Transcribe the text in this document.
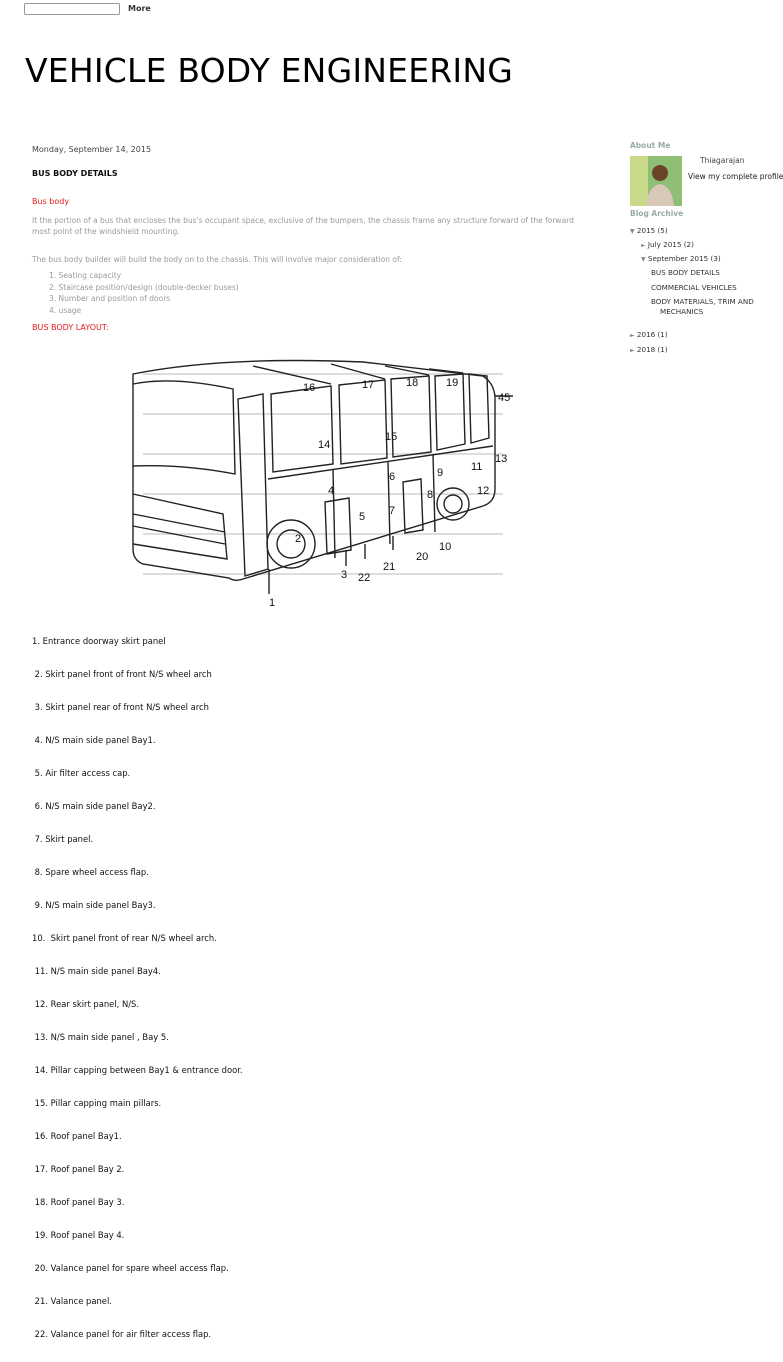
More
VEHICLE BODY ENGINEERING
Monday, September 14, 2015
BUS BODY DETAILS
Bus body
It the portion of a bus that encloses the bus's occupant space, exclusive of the bumpers, the chassis frame any structure forward of the forward most point of the windshield mounting.
The bus body builder will build the body on to the chassis. This will involve major consideration of:
1. Seating capacity
2. Staircase position/design (double-decker buses)
3. Number and position of doors
4. usage
BUS BODY LAYOUT:
1
2
3
4
5
6
7
8
9
10
11
12
13
14
15
16	17	18	19
20
21
22
45

1. Entrance doorway skirt panel

2. Skirt panel front of front N/S wheel arch

3. Skirt panel rear of front N/S wheel arch

4. N/S main side panel Bay1.

5. Air filter access cap.

6. N/S main side panel Bay2.

7. Skirt panel.

8. Spare wheel access flap.

9. N/S main side panel Bay3.

10.  Skirt panel front of rear N/S wheel arch.

11. N/S main side panel Bay4.

12. Rear skirt panel, N/S.

13. N/S main side panel , Bay 5.

14. Pillar capping between Bay1 & entrance door.

15. Pillar capping main pillars.

16. Roof panel Bay1.

17. Roof panel Bay 2.

18. Roof panel Bay 3.

19. Roof panel Bay 4.

20. Valance panel for spare wheel access flap.

21. Valance panel.

22. Valance panel for air filter access flap.

About Me
Thiagarajan
View my complete profile
Blog Archive
▼ 2015 (5)
► July 2015 (2)
▼ September 2015 (3)
BUS BODY DETAILS
COMMERCIAL VEHICLES
BODY MATERIALS, TRIM AND
MECHANICS
► 2016 (1)
► 2018 (1)
